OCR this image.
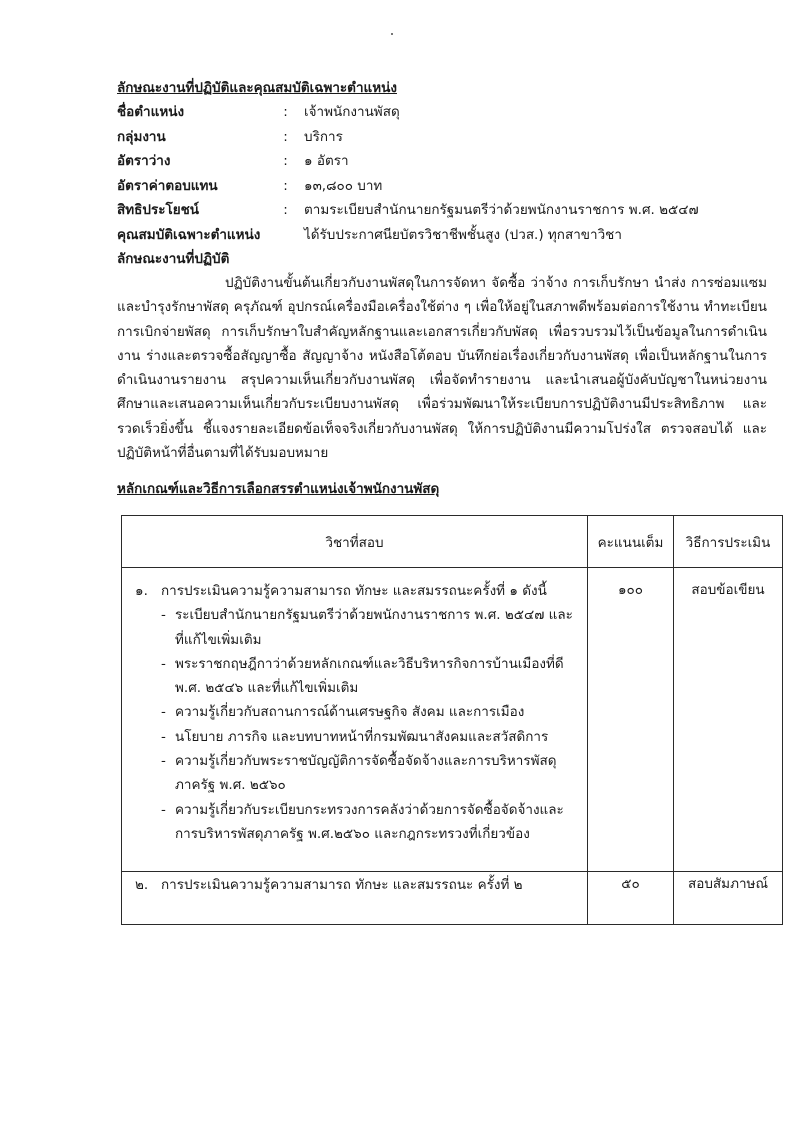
ลักษณะงานที่ปฏิบัติและคุณสมบัติเฉพาะตำแหน่ง
ชื่อตำแหน่ง	:	เจ้าพนักงานพัสดุ
กลุ่มงาน	:	บริการ
อัตราว่าง	:	๑ อัตรา
อัตราค่าตอบแทน	:	๑๓,๘๐๐ บาท
สิทธิประโยชน์	:	ตามระเบียบสำนักนายกรัฐมนตรีว่าด้วยพนักงานราชการ พ.ศ. ๒๕๔๗
คุณสมบัติเฉพาะตำแหน่ง	ได้รับประกาศนียบัตรวิชาชีพชั้นสูง (ปวส.) ทุกสาขาวิชา
ลักษณะงานที่ปฏิบัติ

ปฏิบัติงานขั้นต้นเกี่ยวกับงานพัสดุในการจัดหา จัดซื้อ ว่าจ้าง การเก็บรักษา นำส่ง การซ่อมแซมและบำรุงรักษาพัสดุ ครุภัณฑ์ อุปกรณ์เครื่องมือเครื่องใช้ต่าง ๆ เพื่อให้อยู่ในสภาพดีพร้อมต่อการใช้งาน ทำทะเบียนการเบิกจ่ายพัสดุ การเก็บรักษาใบสำคัญหลักฐานและเอกสารเกี่ยวกับพัสดุ เพื่อรวบรวมไว้เป็นข้อมูลในการดำเนินงาน ร่างและตรวจซื้อสัญญาซื้อ สัญญาจ้าง หนังสือโต้ตอบ บันทึกย่อเรื่องเกี่ยวกับงานพัสดุ เพื่อเป็นหลักฐานในการดำเนินงานรายงาน สรุปความเห็นเกี่ยวกับงานพัสดุ เพื่อจัดทำรายงาน และนำเสนอผู้บังคับบัญชาในหน่วยงาน ศึกษาและเสนอความเห็นเกี่ยวกับระเบียบงานพัสดุ เพื่อร่วมพัฒนาให้ระเบียบการปฏิบัติงานมีประสิทธิภาพ และรวดเร็วยิ่งขึ้น ชี้แจงรายละเอียดข้อเท็จจริงเกี่ยวกับงานพัสดุ ให้การปฏิบัติงานมีความโปร่งใส ตรวจสอบได้ และปฏิบัติหน้าที่อื่นตามที่ได้รับมอบหมาย

หลักเกณฑ์และวิธีการเลือกสรรตำแหน่งเจ้าพนักงานพัสดุ
วิชาที่สอบ	คะแนนเต็ม	วิธีการประเมิน

๑. การประเมินความรู้ความสามารถ ทักษะ และสมรรถนะครั้งที่ ๑ ดังนี้
- ระเบียบสำนักนายกรัฐมนตรีว่าด้วยพนักงานราชการ พ.ศ. ๒๕๔๗ และที่แก้ไขเพิ่มเติม
- พระราชกฤษฎีกาว่าด้วยหลักเกณฑ์และวิธีบริหารกิจการบ้านเมืองที่ดี พ.ศ. ๒๕๔๖ และที่แก้ไขเพิ่มเติม
- ความรู้เกี่ยวกับสถานการณ์ด้านเศรษฐกิจ สังคม และการเมือง
- นโยบาย ภารกิจ และบทบาทหน้าที่กรมพัฒนาสังคมและสวัสดิการ
- ความรู้เกี่ยวกับพระราชบัญญัติการจัดซื้อจัดจ้างและการบริหารพัสดุภาครัฐ พ.ศ. ๒๕๖๐
- ความรู้เกี่ยวกับระเบียบกระทรวงการคลังว่าด้วยการจัดซื้อจัดจ้างและการบริหารพัสดุภาครัฐ พ.ศ.๒๕๖๐ และกฎกระทรวงที่เกี่ยวข้อง
	๑๐๐	สอบข้อเขียน

๒. การประเมินความรู้ความสามารถ ทักษะ และสมรรถนะ ครั้งที่ ๒	๕๐	สอบสัมภาษณ์
